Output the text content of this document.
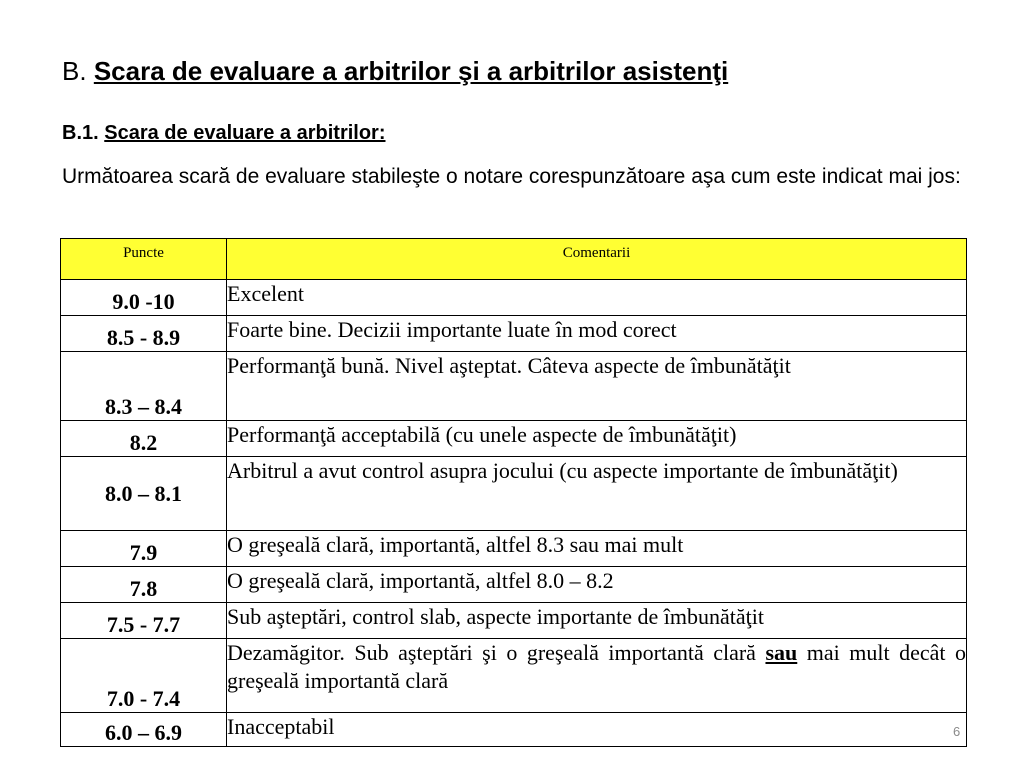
B. Scara de evaluare a arbitrilor şi a arbitrilor asistenţi
B.1. Scara de evaluare a arbitrilor:

Următoarea scară de evaluare stabileşte o notare corespunzătoare aşa cum este indicat mai jos:

Puncte	Comentarii
9.0 -10	Excelent
8.5 - 8.9	Foarte bine. Decizii importante luate în mod corect
8.3 – 8.4	Performanţă bună. Nivel aşteptat. Câteva aspecte de îmbunătăţit
8.2	Performanţă acceptabilă (cu unele aspecte de îmbunătăţit)
8.0 – 8.1	Arbitrul a avut control asupra jocului (cu aspecte importante de îmbunătăţit)
7.9	O greşeală clară, importantă, altfel 8.3 sau mai mult
7.8	O greşeală clară, importantă, altfel 8.0 – 8.2
7.5 - 7.7	Sub aşteptări, control slab, aspecte importante de îmbunătăţit
7.0 - 7.4	Dezamăgitor. Sub aşteptări şi o greşeală importantă clară sau mai mult decât o greşeală importantă clară
6.0 – 6.9	Inacceptabil	6
